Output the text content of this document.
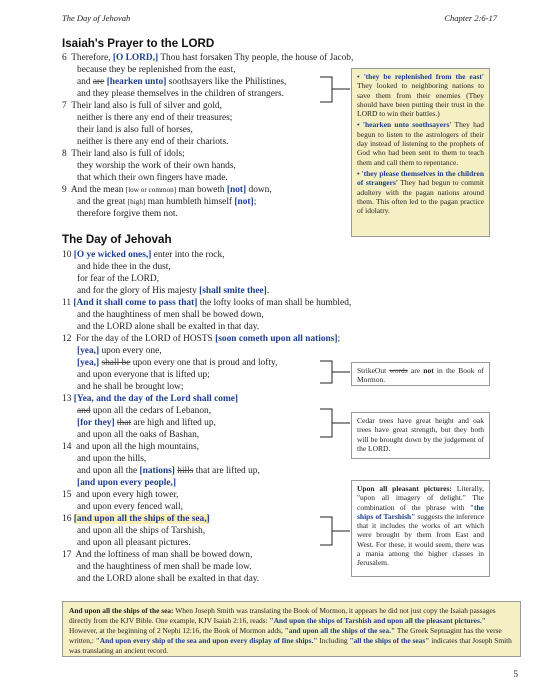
The Day of Jehovah	Chapter 2:6-17
Isaiah's Prayer to the LORD
6  Therefore, [O LORD,] Thou hast forsaken Thy people, the house of Jacob,
because they be replenished from the east,
and are [hearken unto] soothsayers like the Philistines,
and they please themselves in the children of strangers.
7  Their land also is full of silver and gold,
neither is there any end of their treasures;
their land is also full of horses,
neither is there any end of their chariots.
8  Their land also is full of idols;
they worship the work of their own hands,
that which their own fingers have made.
9  And the mean [low or common] man boweth [not] down,
and the great [high] man humbleth himself [not];
therefore forgive them not.

• 'they be replenished from the east' They looked to neighboring nations to save them from their enemies (They should have been putting their trust in the LORD to win their battles.)

• 'hearken unto soothsayers' They had begun to listen to the astrologers of their day instead of listening to the prophets of God who had been sent to them to teach them and call them to repentance.

• 'they please themselves in the children of strangers' They had begun to commit adultery with the pagan nations around them. This often led to the pagan practice of idolatry.

The Day of Jehovah
10 [O ye wicked ones,] enter into the rock,
and hide thee in the dust,
for fear of the LORD,
and for the glory of His majesty [shall smite thee].
11 [And it shall come to pass that] the lofty looks of man shall be humbled,
and the haughtiness of men shall be bowed down,
and the LORD alone shall be exalted in that day.
12  For the day of the LORD of HOSTS [soon cometh upon all nations];
[yea,] upon every one,
[yea,] shall be upon every one that is proud and lofty,
and upon everyone that is lifted up;
and he shall be brought low;
13 [Yea, and the day of the Lord shall come]
and upon all the cedars of Lebanon,
[for they] that are high and lifted up,
and upon all the oaks of Bashan,
14  and upon all the high mountains,
and upon the hills,
and upon all the [nations] hills that are lifted up,
[and upon every people,]
15  and upon every high tower,
and upon every fenced wall,
16 [and upon all the ships of the sea,]
and upon all the ships of Tarshish,
and upon all pleasant pictures.
17  And the loftiness of man shall be bowed down,
and the haughtiness of men shall be made low.
and the LORD alone shall be exalted in that day.
StrikeOut words are not in the Book of Mormon.
Cedar trees have great height and oak trees have great strength, but they both will be brought down by the judgement of the LORD.
Upon all pleasant pictures: Literally, "upon all imagery of delight." The combination of the phrase with "the ships of Tarshish" suggests the inference that it includes the works of art which were brought by them from East and West. For these, it would seem, there was a mania among the higher classes in Jerusalem.
And upon all the ships of the sea: When Joseph Smith was translating the Book of Mormon, it appears he did not just copy the Isaiah passages directly from the KJV Bible. One example, KJV Isaiah 2:16, reads: "And upon the ships of Tarshish and upon all the pleasant pictures." However, at the beginning of 2 Nephi 12:16, the Book of Mormon adds, "and upon all the ships of the sea." The Greek Septuagint has the verse written,: "And upon every ship of the sea and upon every display of fine ships." Including "all the ships of the seas" indicates that Joseph Smith was translating an ancient record.
5
